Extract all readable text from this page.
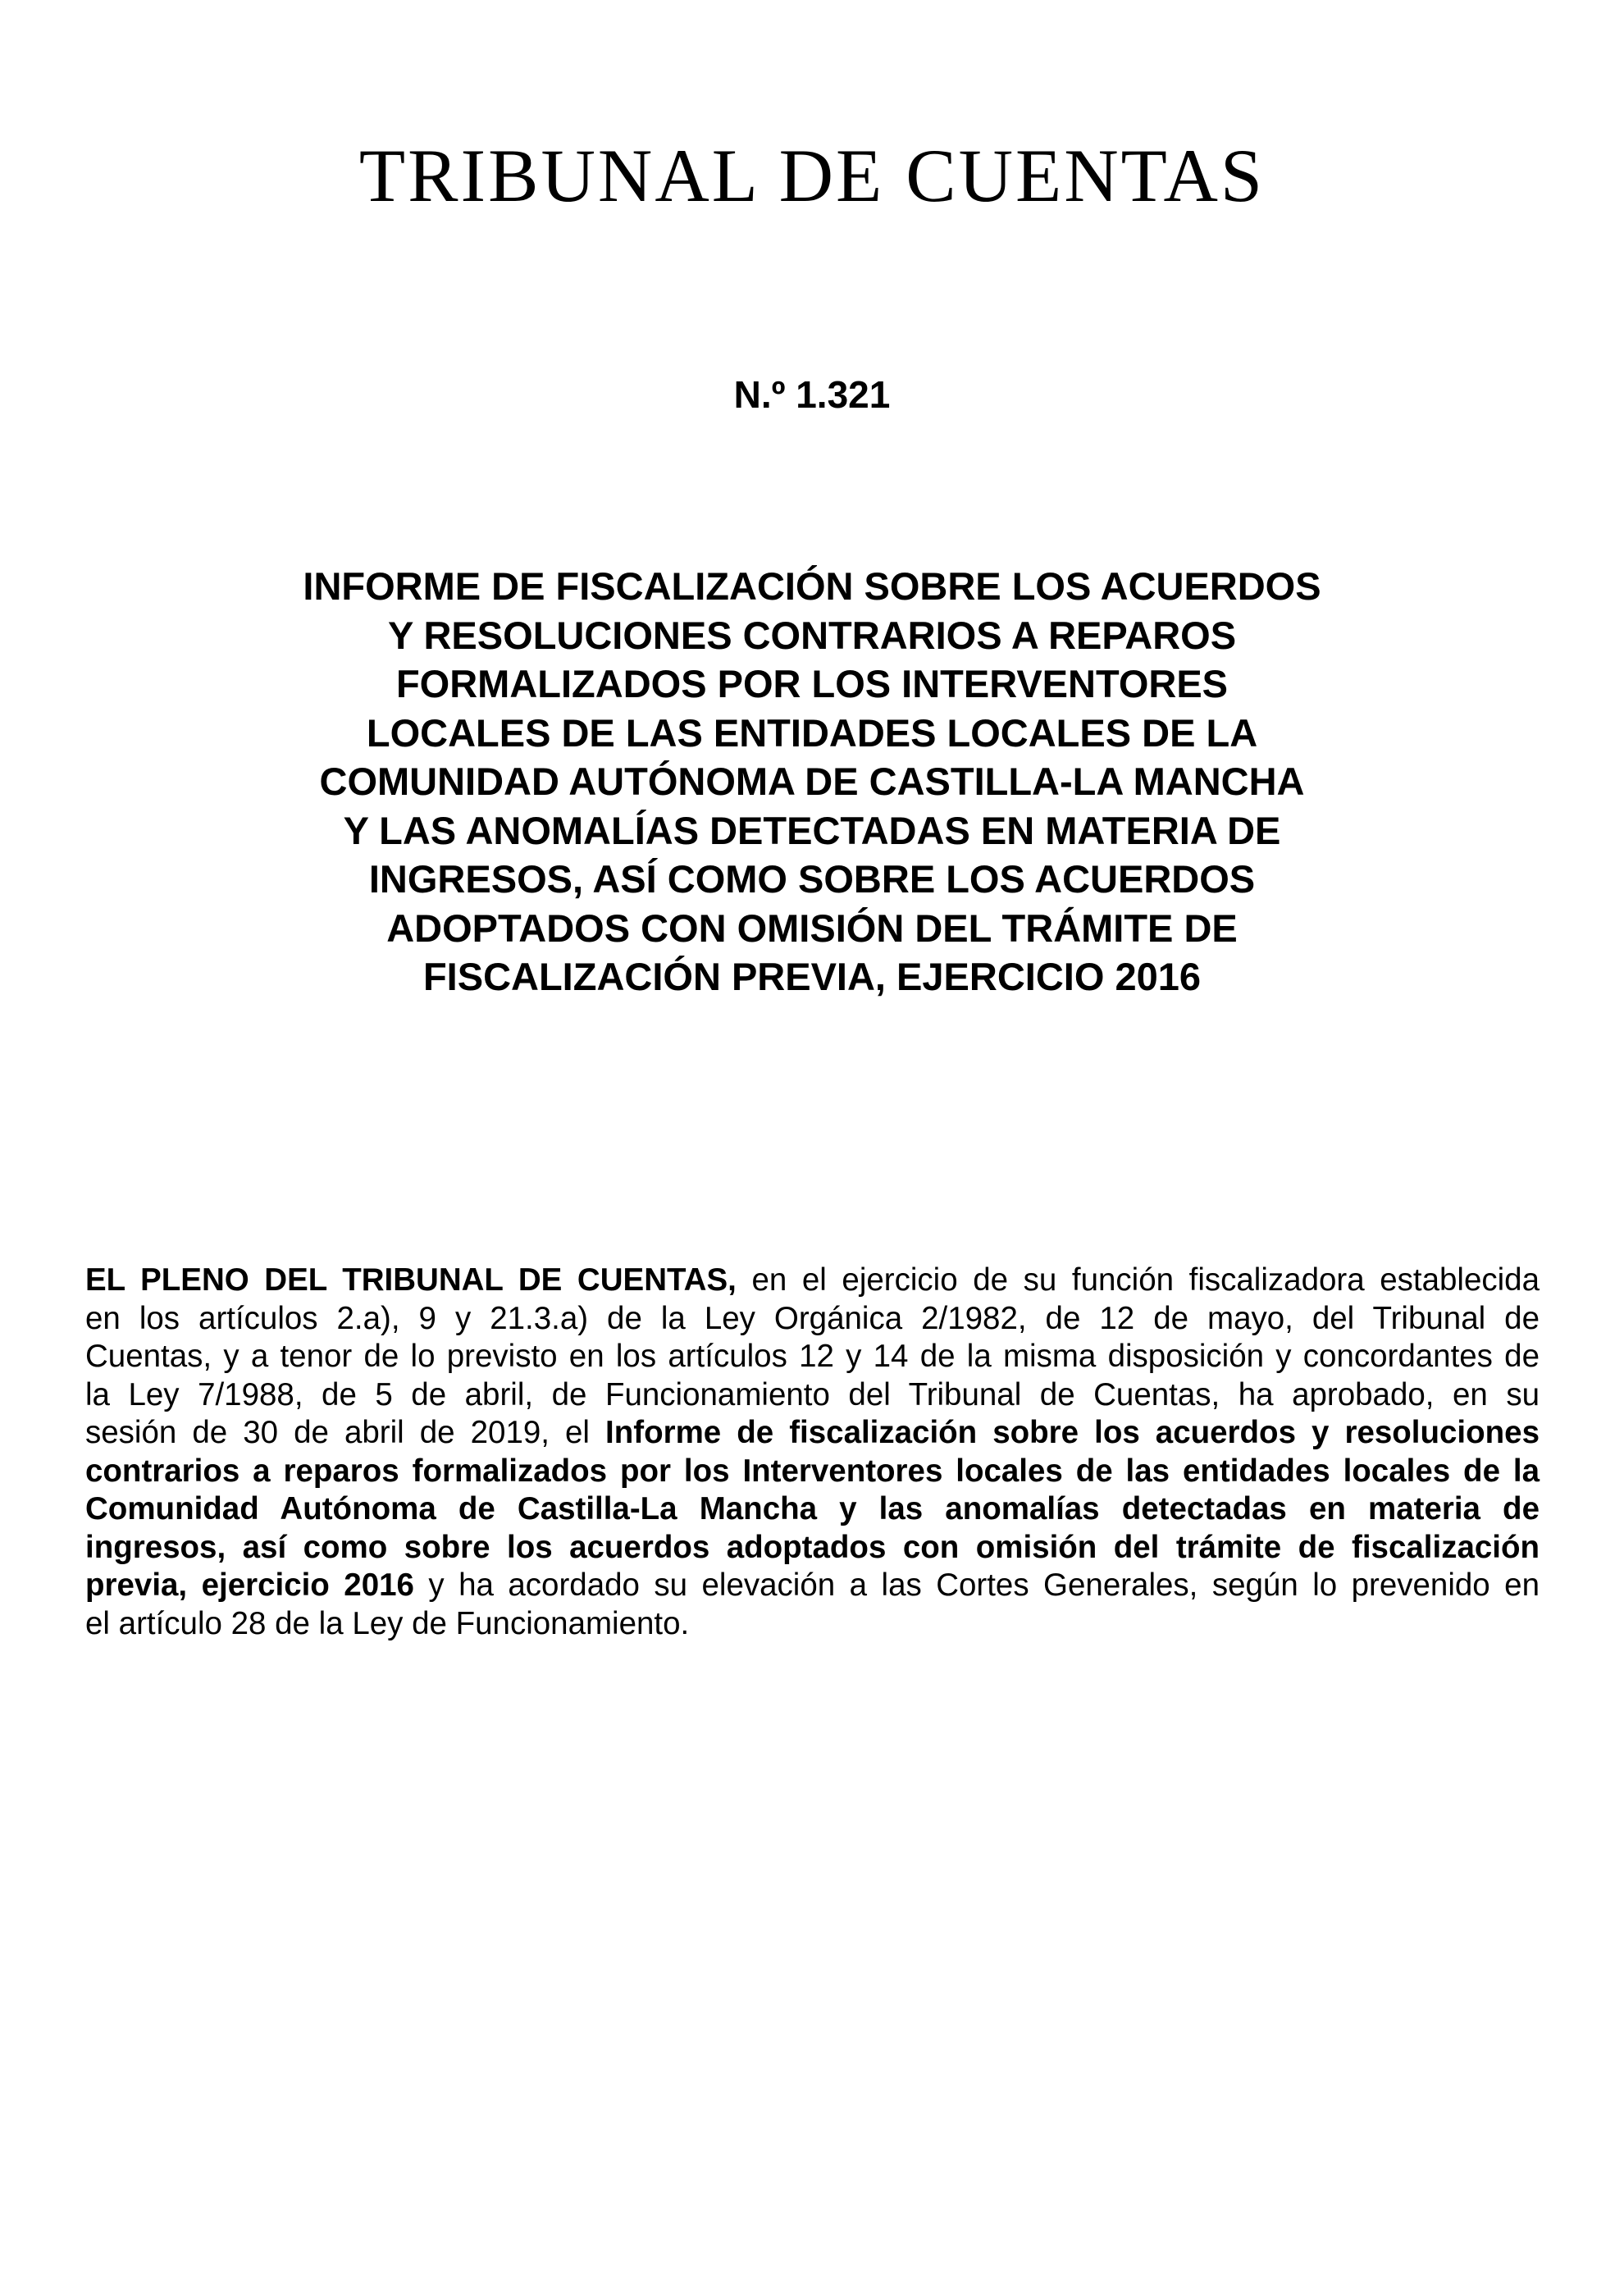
TRIBUNAL DE CUENTAS
N.º 1.321
INFORME DE FISCALIZACIÓN SOBRE LOS ACUERDOS
Y RESOLUCIONES CONTRARIOS A REPAROS
FORMALIZADOS POR LOS INTERVENTORES
LOCALES DE LAS ENTIDADES LOCALES DE LA
COMUNIDAD AUTÓNOMA DE CASTILLA-LA MANCHA
Y LAS ANOMALÍAS DETECTADAS EN MATERIA DE
INGRESOS, ASÍ COMO SOBRE LOS ACUERDOS
ADOPTADOS CON OMISIÓN DEL TRÁMITE DE
FISCALIZACIÓN PREVIA, EJERCICIO 2016

EL PLENO DEL TRIBUNAL DE CUENTAS, en el ejercicio de su función fiscalizadora establecida
en los artículos 2.a), 9 y 21.3.a) de la Ley Orgánica 2/1982, de 12 de mayo, del Tribunal de
Cuentas, y a tenor de lo previsto en los artículos 12 y 14 de la misma disposición y concordantes de
la Ley 7/1988, de 5 de abril, de Funcionamiento del Tribunal de Cuentas, ha aprobado, en su
sesión de 30 de abril de 2019, el Informe de fiscalización sobre los acuerdos y resoluciones
contrarios a reparos formalizados por los Interventores locales de las entidades locales de la
Comunidad Autónoma de Castilla-La Mancha y las anomalías detectadas en materia de
ingresos, así como sobre los acuerdos adoptados con omisión del trámite de fiscalización
previa, ejercicio 2016 y ha acordado su elevación a las Cortes Generales, según lo prevenido en
el artículo 28 de la Ley de Funcionamiento.
